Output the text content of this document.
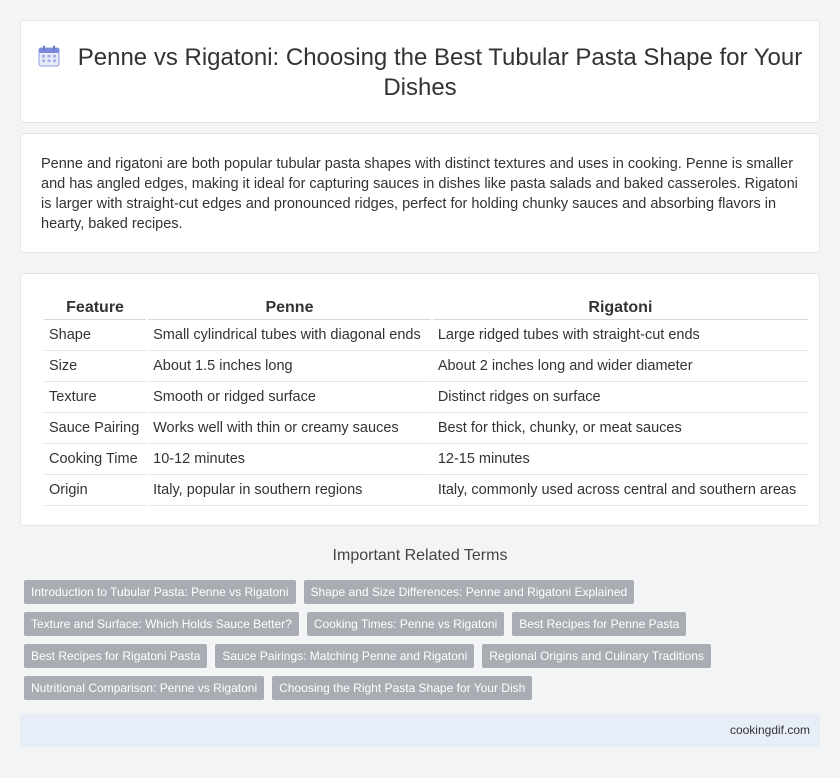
Penne vs Rigatoni: Choosing the Best Tubular Pasta Shape for Your Dishes

Penne and rigatoni are both popular tubular pasta shapes with distinct textures and uses in cooking. Penne is smaller and has angled edges, making it ideal for capturing sauces in dishes like pasta salads and baked casseroles. Rigatoni is larger with straight-cut edges and pronounced ridges, perfect for holding chunky sauces and absorbing flavors in hearty, baked recipes.

Feature	Penne	Rigatoni
Shape	Small cylindrical tubes with diagonal ends	Large ridged tubes with straight-cut ends
Size	About 1.5 inches long	About 2 inches long and wider diameter
Texture	Smooth or ridged surface	Distinct ridges on surface
Sauce Pairing	Works well with thin or creamy sauces	Best for thick, chunky, or meat sauces
Cooking Time	10-12 minutes	12-15 minutes
Origin	Italy, popular in southern regions	Italy, commonly used across central and southern areas
Important Related Terms
Introduction to Tubular Pasta: Penne vs Rigatoni	Shape and Size Differences: Penne and Rigatoni Explained
Texture and Surface: Which Holds Sauce Better?	Cooking Times: Penne vs Rigatoni	Best Recipes for Penne Pasta
Best Recipes for Rigatoni Pasta	Sauce Pairings: Matching Penne and Rigatoni	Regional Origins and Culinary Traditions
Nutritional Comparison: Penne vs Rigatoni	Choosing the Right Pasta Shape for Your Dish
cookingdif.com
